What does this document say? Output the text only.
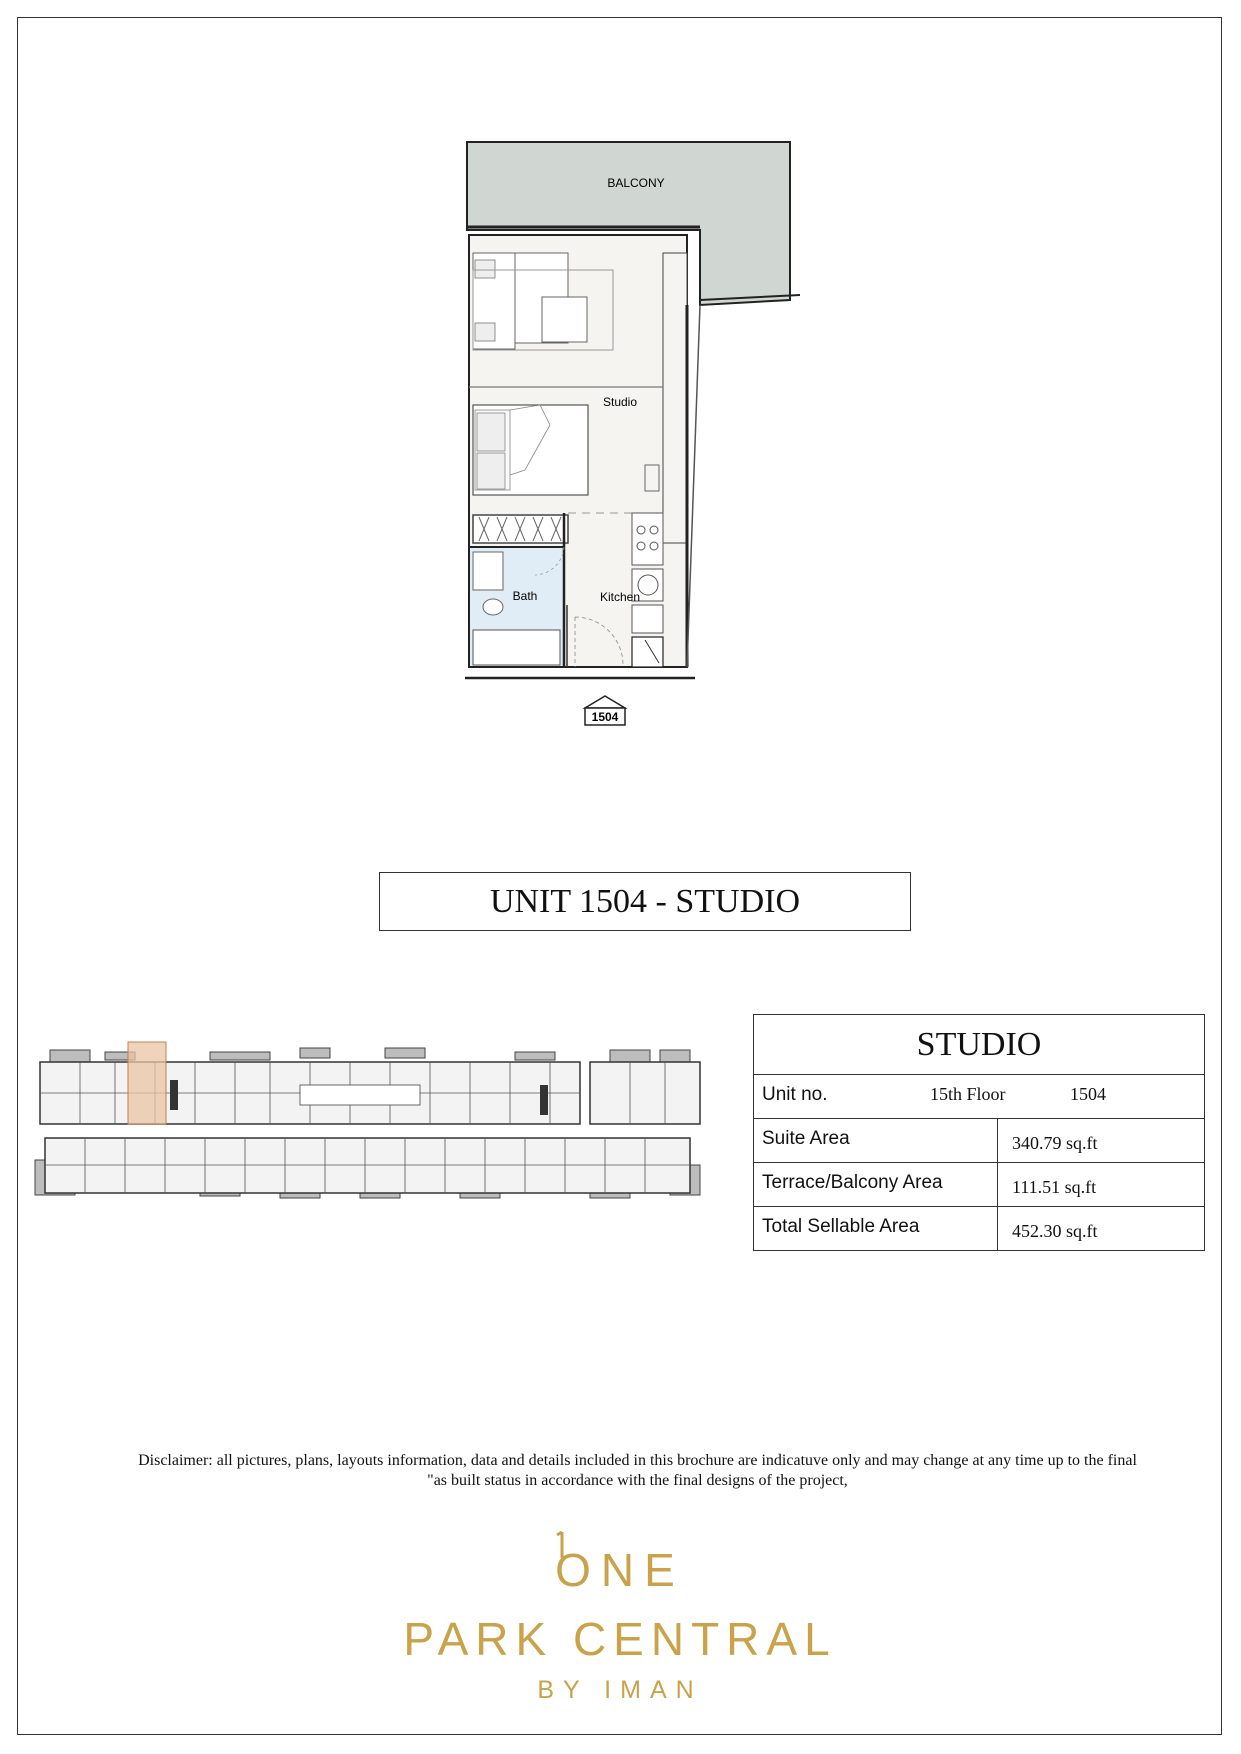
1504
BALCONY
Studio
Bath	Kitchen
UNIT 1504 - STUDIO
STUDIO
Unit no.	15th Floor	1504
Suite Area	340.79 sq.ft
Terrace/Balcony Area	111.51 sq.ft
Total Sellable Area	452.30 sq.ft
Disclaimer: all pictures, plans, layouts information, data and details included in this brochure are indicatuve only and may change at any time up to the final
"as built status in accordance with the final designs of the project,
ONE
PARK CENTRAL
BY IMAN
